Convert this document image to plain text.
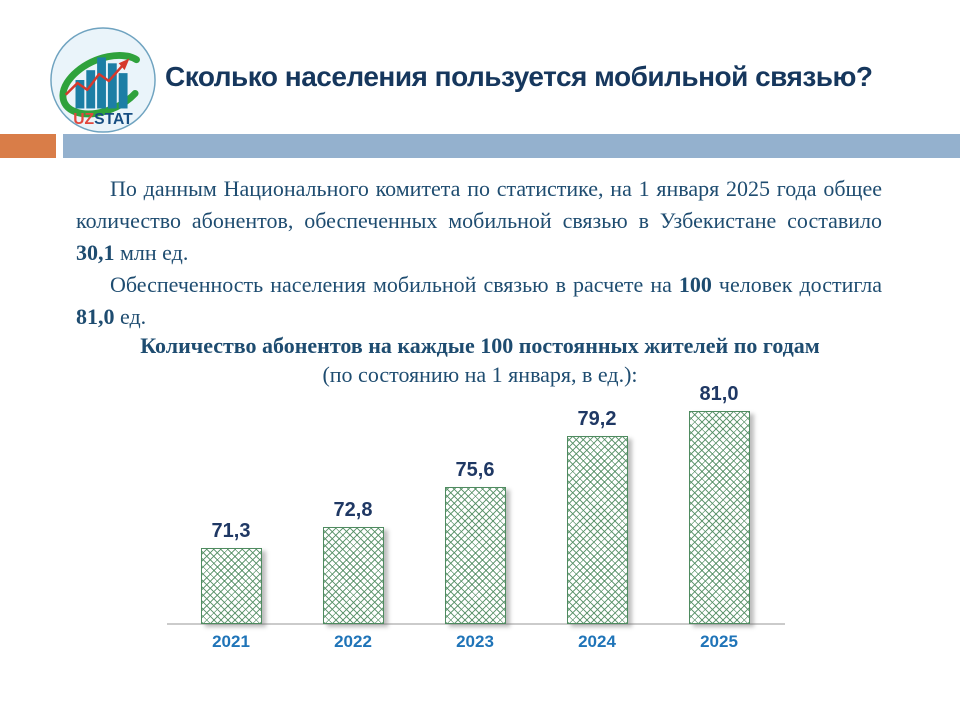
UZSTAT
Сколько населения пользуется мобильной связью?

По данным Национального комитета по статистике, на 1 января 2025 года общее количество абонентов, обеспеченных мобильной связью в Узбекистане составило 30,1 млн ед.

Обеспеченность населения мобильной связью в расчете на 100 человек достигла 81,0 ед.

Количество абонентов на каждые 100 постоянных жителей по годам (по состоянию на 1 января, в ед.):
71,3
2021
72,8
2022
75,6
2023
79,2
2024
81,0
2025
